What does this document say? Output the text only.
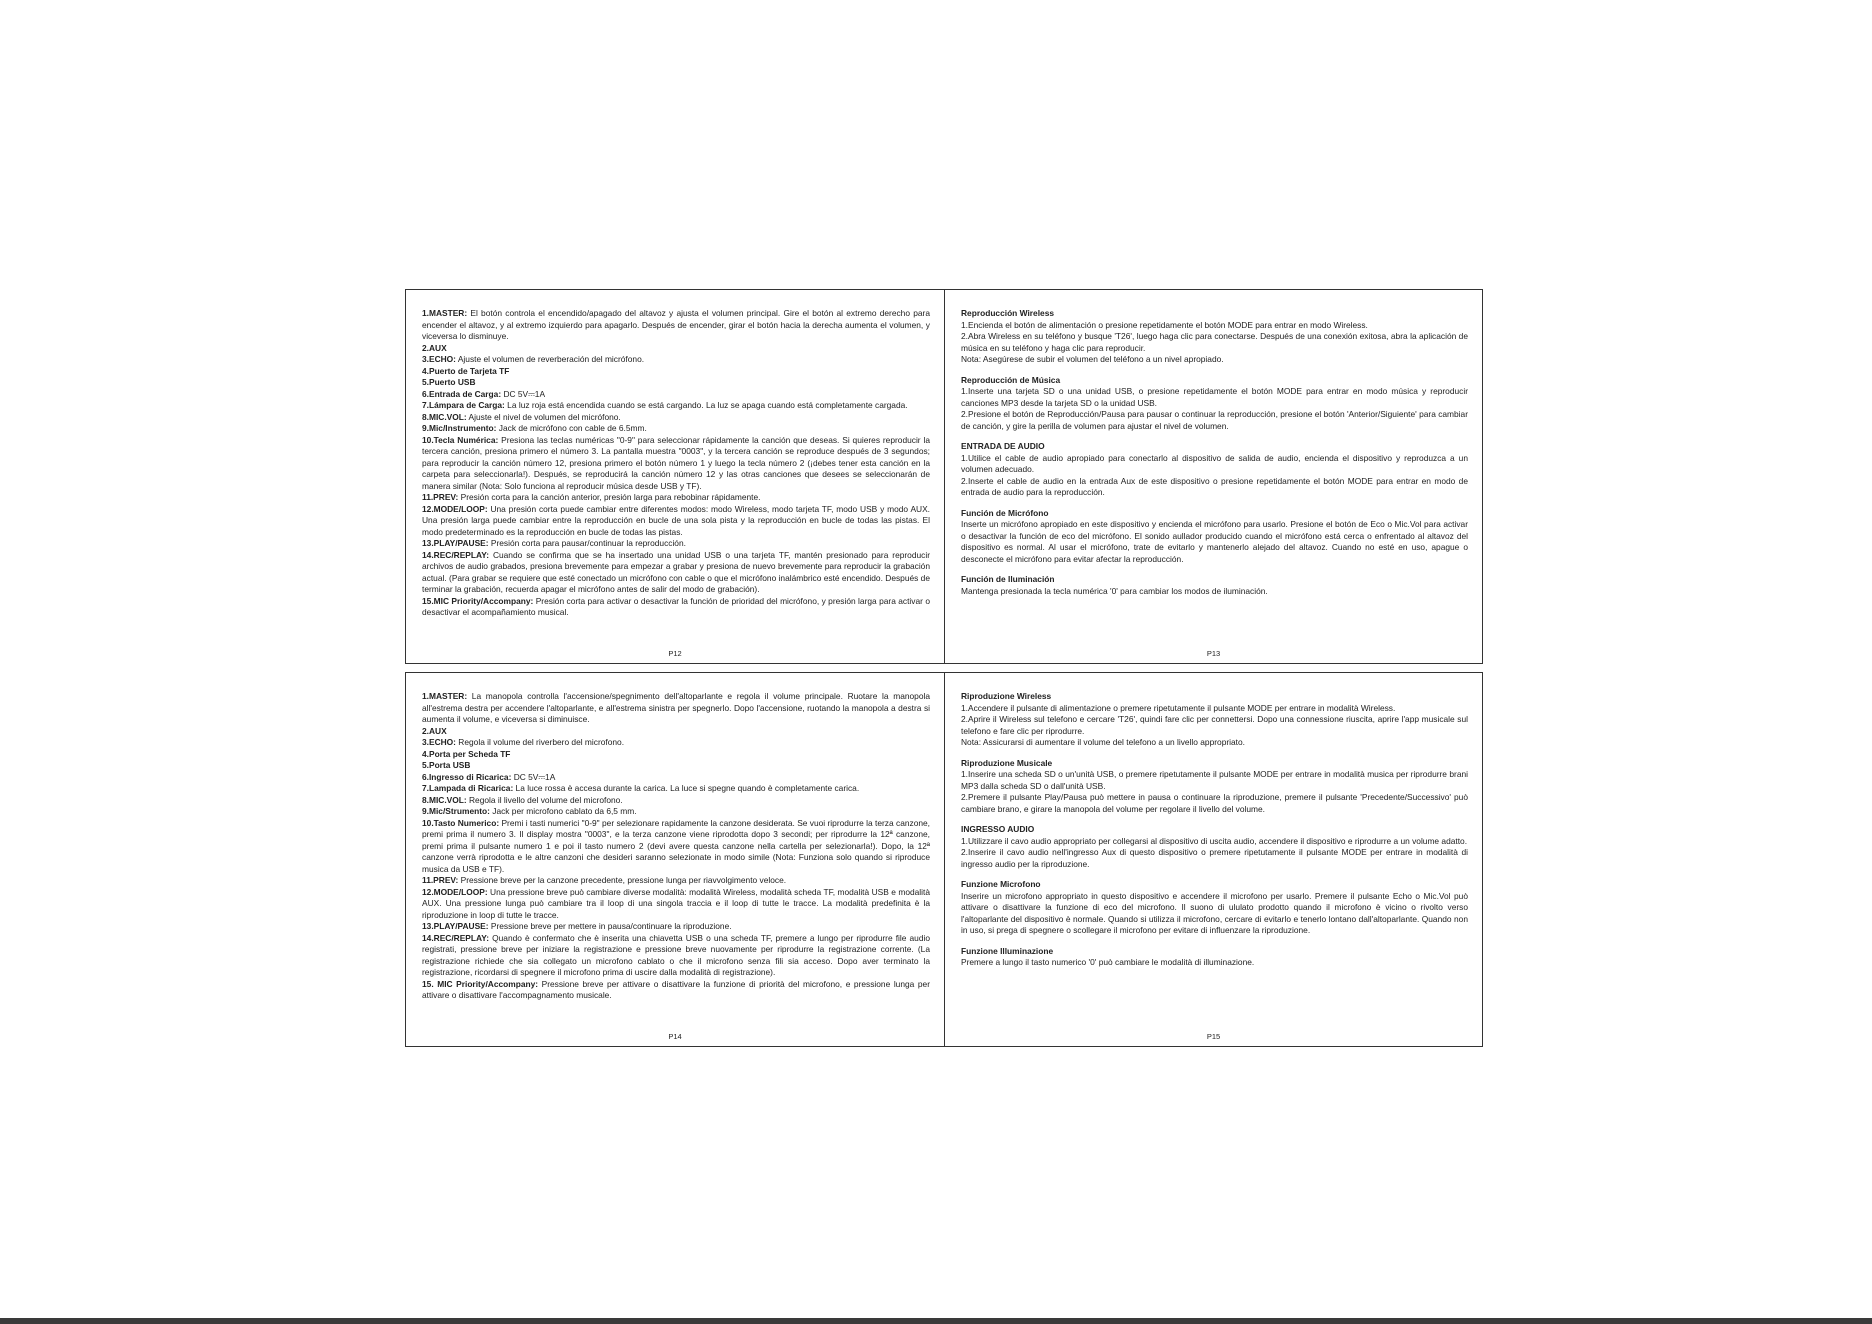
1.MASTER: El botón controla el encendido/apagado del altavoz y ajusta el volumen principal. Gire el botón al extremo derecho para encender el altavoz, y al extremo izquierdo para apagarlo. Después de encender, girar el botón hacia la derecha aumenta el volumen, y viceversa lo disminuye.

2.AUX

3.ECHO: Ajuste el volumen de reverberación del micrófono.

4.Puerto de Tarjeta TF

5.Puerto USB

6.Entrada de Carga: DC 5V⎓1A

7.Lámpara de Carga: La luz roja está encendida cuando se está cargando. La luz se apaga cuando está completamente cargada.

8.MIC.VOL: Ajuste el nivel de volumen del micrófono.

9.Mic/Instrumento: Jack de micrófono con cable de 6.5mm.

10.Tecla Numérica: Presiona las teclas numéricas "0-9" para seleccionar rápidamente la canción que deseas. Si quieres reproducir la tercera canción, presiona primero el número 3. La pantalla muestra "0003", y la tercera canción se reproduce después de 3 segundos; para reproducir la canción número 12, presiona primero el botón número 1 y luego la tecla número 2 (¡debes tener esta canción en la carpeta para seleccionarla!). Después, se reproducirá la canción número 12 y las otras canciones que desees se seleccionarán de manera similar (Nota: Solo funciona al reproducir música desde USB y TF).

11.PREV: Presión corta para la canción anterior, presión larga para rebobinar rápidamente.

12.MODE/LOOP: Una presión corta puede cambiar entre diferentes modos: modo Wireless, modo tarjeta TF, modo USB y modo AUX. Una presión larga puede cambiar entre la reproducción en bucle de una sola pista y la reproducción en bucle de todas las pistas. El modo predeterminado es la reproducción en bucle de todas las pistas.

13.PLAY/PAUSE: Presión corta para pausar/continuar la reproducción.

14.REC/REPLAY: Cuando se confirma que se ha insertado una unidad USB o una tarjeta TF, mantén presionado para reproducir archivos de audio grabados, presiona brevemente para empezar a grabar y presiona de nuevo brevemente para reproducir la grabación actual. (Para grabar se requiere que esté conectado un micrófono con cable o que el micrófono inalámbrico esté encendido. Después de terminar la grabación, recuerda apagar el micrófono antes de salir del modo de grabación).

15.MIC Priority/Accompany: Presión corta para activar o desactivar la función de prioridad del micrófono, y presión larga para activar o desactivar el acompañamiento musical.

P12

Reproducción Wireless

1.Encienda el botón de alimentación o presione repetidamente el botón MODE para entrar en modo Wireless.

2.Abra Wireless en su teléfono y busque 'T26', luego haga clic para conectarse. Después de una conexión exitosa, abra la aplicación de música en su teléfono y haga clic para reproducir.

Nota: Asegúrese de subir el volumen del teléfono a un nivel apropiado.

Reproducción de Música

1.Inserte una tarjeta SD o una unidad USB, o presione repetidamente el botón MODE para entrar en modo música y reproducir canciones MP3 desde la tarjeta SD o la unidad USB.

2.Presione el botón de Reproducción/Pausa para pausar o continuar la reproducción, presione el botón 'Anterior/Siguiente' para cambiar de canción, y gire la perilla de volumen para ajustar el nivel de volumen.

ENTRADA DE AUDIO

1.Utilice el cable de audio apropiado para conectarlo al dispositivo de salida de audio, encienda el dispositivo y reproduzca a un volumen adecuado.

2.Inserte el cable de audio en la entrada Aux de este dispositivo o presione repetidamente el botón MODE para entrar en modo de entrada de audio para la reproducción.

Función de Micrófono

Inserte un micrófono apropiado en este dispositivo y encienda el micrófono para usarlo. Presione el botón de Eco o Mic.Vol para activar o desactivar la función de eco del micrófono. El sonido aullador producido cuando el micrófono está cerca o enfrentado al altavoz del dispositivo es normal. Al usar el micrófono, trate de evitarlo y mantenerlo alejado del altavoz. Cuando no esté en uso, apague o desconecte el micrófono para evitar afectar la reproducción.

Función de Iluminación

Mantenga presionada la tecla numérica '0' para cambiar los modos de iluminación.

P13

1.MASTER: La manopola controlla l'accensione/spegnimento dell'altoparlante e regola il volume principale. Ruotare la manopola all'estrema destra per accendere l'altoparlante, e all'estrema sinistra per spegnerlo. Dopo l'accensione, ruotando la manopola a destra si aumenta il volume, e viceversa si diminuisce.

2.AUX

3.ECHO: Regola il volume del riverbero del microfono.

4.Porta per Scheda TF

5.Porta USB

6.Ingresso di Ricarica: DC 5V⎓1A

7.Lampada di Ricarica: La luce rossa è accesa durante la carica. La luce si spegne quando è completamente carica.

8.MIC.VOL: Regola il livello del volume del microfono.

9.Mic/Strumento: Jack per microfono cablato da 6,5 mm.

10.Tasto Numerico: Premi i tasti numerici "0-9" per selezionare rapidamente la canzone desiderata. Se vuoi riprodurre la terza canzone, premi prima il numero 3. Il display mostra "0003", e la terza canzone viene riprodotta dopo 3 secondi; per riprodurre la 12ª canzone, premi prima il pulsante numero 1 e poi il tasto numero 2 (devi avere questa canzone nella cartella per selezionarla!). Dopo, la 12ª canzone verrà riprodotta e le altre canzoni che desideri saranno selezionate in modo simile (Nota: Funziona solo quando si riproduce musica da USB e TF).

11.PREV: Pressione breve per la canzone precedente, pressione lunga per riavvolgimento veloce.

12.MODE/LOOP: Una pressione breve può cambiare diverse modalità: modalità Wireless, modalità scheda TF, modalità USB e modalità AUX. Una pressione lunga può cambiare tra il loop di una singola traccia e il loop di tutte le tracce. La modalità predefinita è la riproduzione in loop di tutte le tracce.

13.PLAY/PAUSE: Pressione breve per mettere in pausa/continuare la riproduzione.

14.REC/REPLAY: Quando è confermato che è inserita una chiavetta USB o una scheda TF, premere a lungo per riprodurre file audio registrati, pressione breve per iniziare la registrazione e pressione breve nuovamente per riprodurre la registrazione corrente. (La registrazione richiede che sia collegato un microfono cablato o che il microfono senza fili sia acceso. Dopo aver terminato la registrazione, ricordarsi di spegnere il microfono prima di uscire dalla modalità di registrazione).

15. MIC Priority/Accompany: Pressione breve per attivare o disattivare la funzione di priorità del microfono, e pressione lunga per attivare o disattivare l'accompagnamento musicale.

P14

Riproduzione Wireless

1.Accendere il pulsante di alimentazione o premere ripetutamente il pulsante MODE per entrare in modalità Wireless.

2.Aprire il Wireless sul telefono e cercare 'T26', quindi fare clic per connettersi. Dopo una connessione riuscita, aprire l'app musicale sul telefono e fare clic per riprodurre.

Nota: Assicurarsi di aumentare il volume del telefono a un livello appropriato.

Riproduzione Musicale

1.Inserire una scheda SD o un'unità USB, o premere ripetutamente il pulsante MODE per entrare in modalità musica per riprodurre brani MP3 dalla scheda SD o dall'unità USB.

2.Premere il pulsante Play/Pausa può mettere in pausa o continuare la riproduzione, premere il pulsante 'Precedente/Successivo' può cambiare brano, e girare la manopola del volume per regolare il livello del volume.

INGRESSO AUDIO

1.Utilizzare il cavo audio appropriato per collegarsi al dispositivo di uscita audio, accendere il dispositivo e riprodurre a un volume adatto.

2.Inserire il cavo audio nell'ingresso Aux di questo dispositivo o premere ripetutamente il pulsante MODE per entrare in modalità di ingresso audio per la riproduzione.

Funzione Microfono

Inserire un microfono appropriato in questo dispositivo e accendere il microfono per usarlo. Premere il pulsante Echo o Mic.Vol può attivare o disattivare la funzione di eco del microfono. Il suono di ululato prodotto quando il microfono è vicino o rivolto verso l'altoparlante del dispositivo è normale. Quando si utilizza il microfono, cercare di evitarlo e tenerlo lontano dall'altoparlante. Quando non in uso, si prega di spegnere o scollegare il microfono per evitare di influenzare la riproduzione.

Funzione Illuminazione

Premere a lungo il tasto numerico '0' può cambiare le modalità di illuminazione.

P15
